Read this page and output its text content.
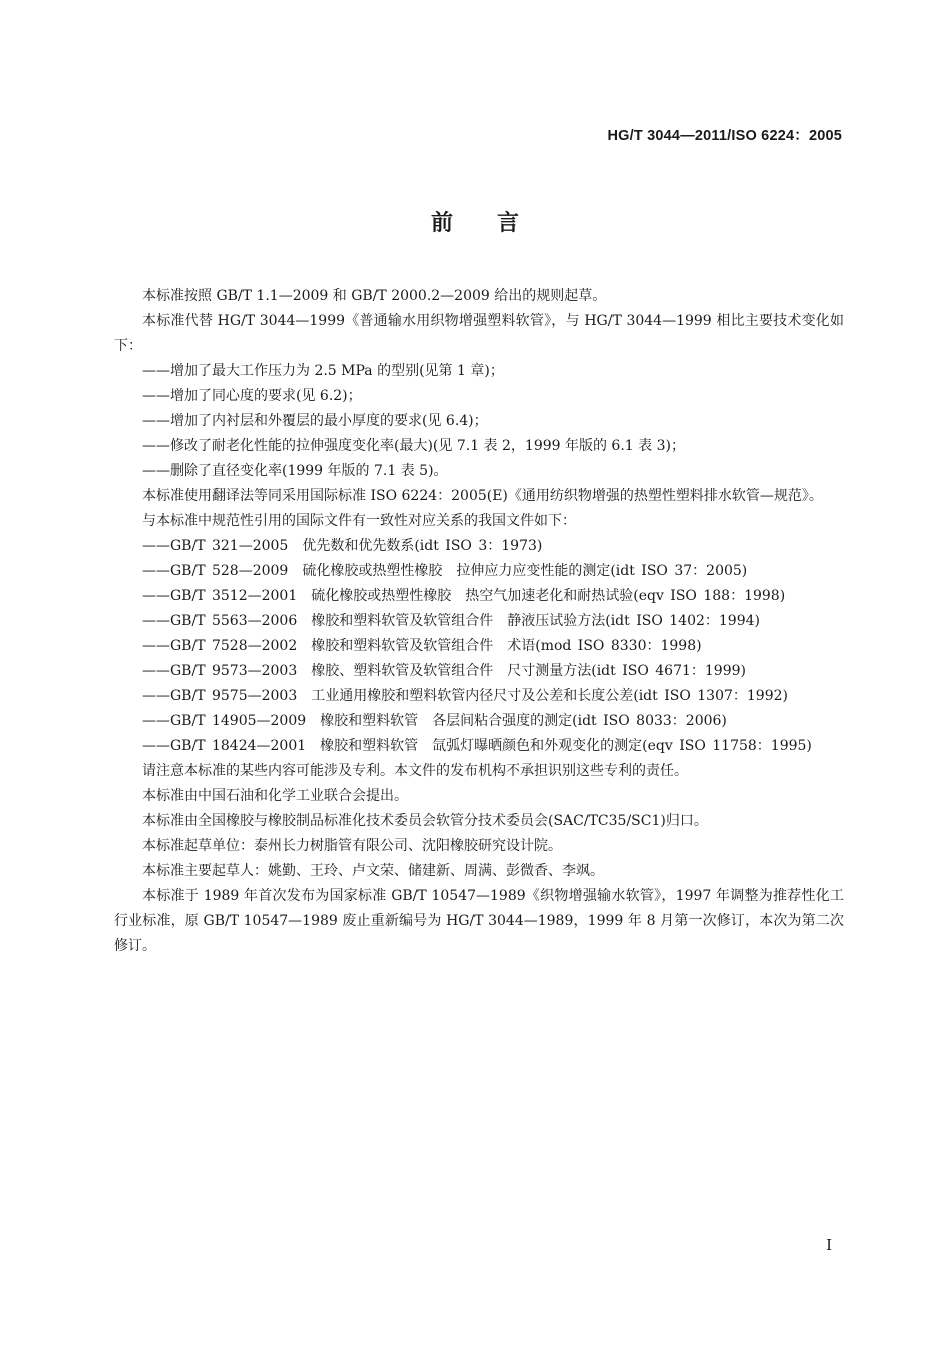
HG/T 3044—2011/ISO 6224：2005
前言

本标准按照 GB/T 1.1—2009 和 GB/T 2000.2—2009 给出的规则起草。

本标准代替 HG/T 3044—1999《普通输水用织物增强塑料软管》，与 HG/T 3044—1999 相比主要技术变化如下：

——增加了最大工作压力为 2.5 MPa 的型别(见第 1 章)；

——增加了同心度的要求(见 6.2)；

——增加了内衬层和外覆层的最小厚度的要求(见 6.4)；

——修改了耐老化性能的拉伸强度变化率(最大)(见 7.1 表 2，1999 年版的 6.1 表 3)；

——删除了直径变化率(1999 年版的 7.1 表 5)。

本标准使用翻译法等同采用国际标准 ISO 6224：2005(E)《通用纺织物增强的热塑性塑料排水软管—规范》。

与本标准中规范性引用的国际文件有一致性对应关系的我国文件如下：

——GB/T 321—2005　优先数和优先数系(idt ISO 3：1973)

——GB/T 528—2009　硫化橡胶或热塑性橡胶　拉伸应力应变性能的测定(idt ISO 37：2005)

——GB/T 3512—2001　硫化橡胶或热塑性橡胶　热空气加速老化和耐热试验(eqv ISO 188：1998)

——GB/T 5563—2006　橡胶和塑料软管及软管组合件　静液压试验方法(idt ISO 1402：1994)

——GB/T 7528—2002　橡胶和塑料软管及软管组合件　术语(mod ISO 8330：1998)

——GB/T 9573—2003　橡胶、塑料软管及软管组合件　尺寸测量方法(idt ISO 4671：1999)

——GB/T 9575—2003　工业通用橡胶和塑料软管内径尺寸及公差和长度公差(idt ISO 1307：1992)

——GB/T 14905—2009　橡胶和塑料软管　各层间粘合强度的测定(idt ISO 8033：2006)

——GB/T 18424—2001　橡胶和塑料软管　氙弧灯曝晒颜色和外观变化的测定(eqv ISO 11758：1995)

请注意本标准的某些内容可能涉及专利。本文件的发布机构不承担识别这些专利的责任。

本标准由中国石油和化学工业联合会提出。

本标准由全国橡胶与橡胶制品标准化技术委员会软管分技术委员会(SAC/TC35/SC1)归口。

本标准起草单位：泰州长力树脂管有限公司、沈阳橡胶研究设计院。

本标准主要起草人：姚勤、王玲、卢文荣、储建新、周满、彭微香、李飒。

本标准于 1989 年首次发布为国家标准 GB/T 10547—1989《织物增强输水软管》，1997 年调整为推荐性化工行业标准，原 GB/T 10547—1989 废止重新编号为 HG/T 3044—1989，1999 年 8 月第一次修订，本次为第二次修订。

I
